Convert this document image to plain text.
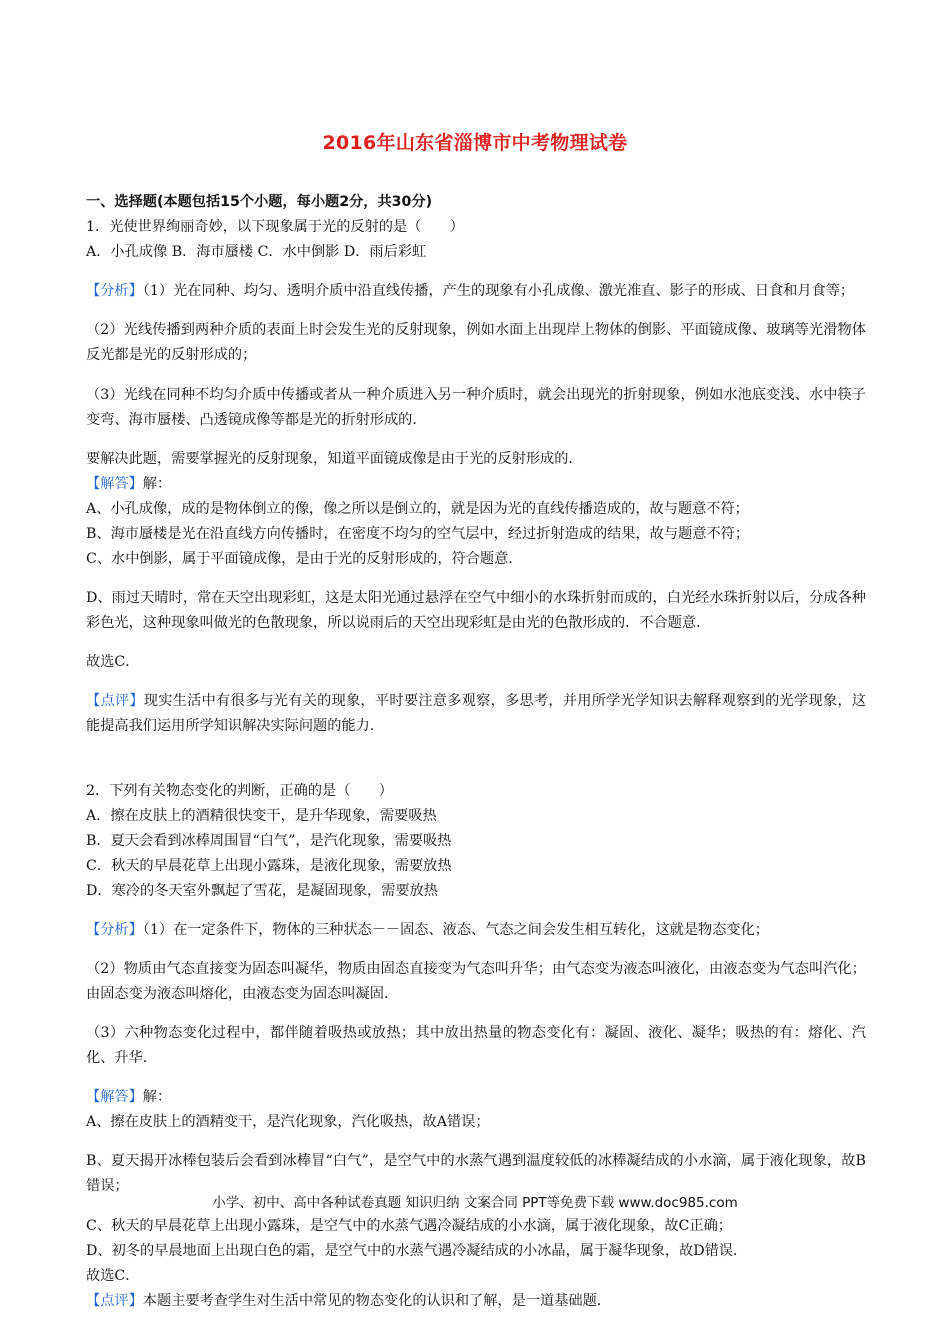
2016年山东省淄博市中考物理试卷

一、选择题(本题包括15个小题，每小题2分，共30分)

1．光使世界绚丽奇妙，以下现象属于光的反射的是（　　）

A．小孔成像 B．海市蜃楼 C．水中倒影 D．雨后彩虹

【分析】（1）光在同种、均匀、透明介质中沿直线传播，产生的现象有小孔成像、激光准直、影子的形成、日食和月食等；

（2）光线传播到两种介质的表面上时会发生光的反射现象，例如水面上出现岸上物体的倒影、平面镜成像、玻璃等光滑物体反光都是光的反射形成的；

（3）光线在同种不均匀介质中传播或者从一种介质进入另一种介质时，就会出现光的折射现象，例如水池底变浅、水中筷子变弯、海市蜃楼、凸透镜成像等都是光的折射形成的．

要解决此题，需要掌握光的反射现象，知道平面镜成像是由于光的反射形成的．

【解答】解：

A、小孔成像，成的是物体倒立的像，像之所以是倒立的，就是因为光的直线传播造成的，故与题意不符；

B、海市蜃楼是光在沿直线方向传播时，在密度不均匀的空气层中，经过折射造成的结果，故与题意不符；

C、水中倒影，属于平面镜成像，是由于光的反射形成的，符合题意．

D、雨过天晴时，常在天空出现彩虹，这是太阳光通过悬浮在空气中细小的水珠折射而成的，白光经水珠折射以后，分成各种彩色光，这种现象叫做光的色散现象，所以说雨后的天空出现彩虹是由光的色散形成的．不合题意．

故选C．

【点评】现实生活中有很多与光有关的现象，平时要注意多观察，多思考，并用所学光学知识去解释观察到的光学现象，这能提高我们运用所学知识解决实际问题的能力．

2．下列有关物态变化的判断，正确的是（　　）

A．擦在皮肤上的酒精很快变干，是升华现象，需要吸热

B．夏天会看到冰棒周围冒“白气”，是汽化现象，需要吸热

C．秋天的早晨花草上出现小露珠，是液化现象，需要放热

D．寒冷的冬天室外飘起了雪花，是凝固现象，需要放热

【分析】（1）在一定条件下，物体的三种状态－－固态、液态、气态之间会发生相互转化，这就是物态变化；

（2）物质由气态直接变为固态叫凝华，物质由固态直接变为气态叫升华；由气态变为液态叫液化，由液态变为气态叫汽化；由固态变为液态叫熔化，由液态变为固态叫凝固．

（3）六种物态变化过程中，都伴随着吸热或放热；其中放出热量的物态变化有：凝固、液化、凝华；吸热的有：熔化、汽化、升华．

【解答】解：

A、擦在皮肤上的酒精变干，是汽化现象，汽化吸热，故A错误；

B、夏天揭开冰棒包装后会看到冰棒冒“白气”，是空气中的水蒸气遇到温度较低的冰棒凝结成的小水滴，属于液化现象，故B错误；

C、秋天的早晨花草上出现小露珠，是空气中的水蒸气遇冷凝结成的小水滴，属于液化现象，故C正确；

D、初冬的早晨地面上出现白色的霜，是空气中的水蒸气遇冷凝结成的小冰晶，属于凝华现象，故D错误．

故选C．

【点评】本题主要考查学生对生活中常见的物态变化的认识和了解，是一道基础题．

小学、初中、高中各种试卷真题 知识归纳 文案合同 PPT等免费下载 www.doc985.com
